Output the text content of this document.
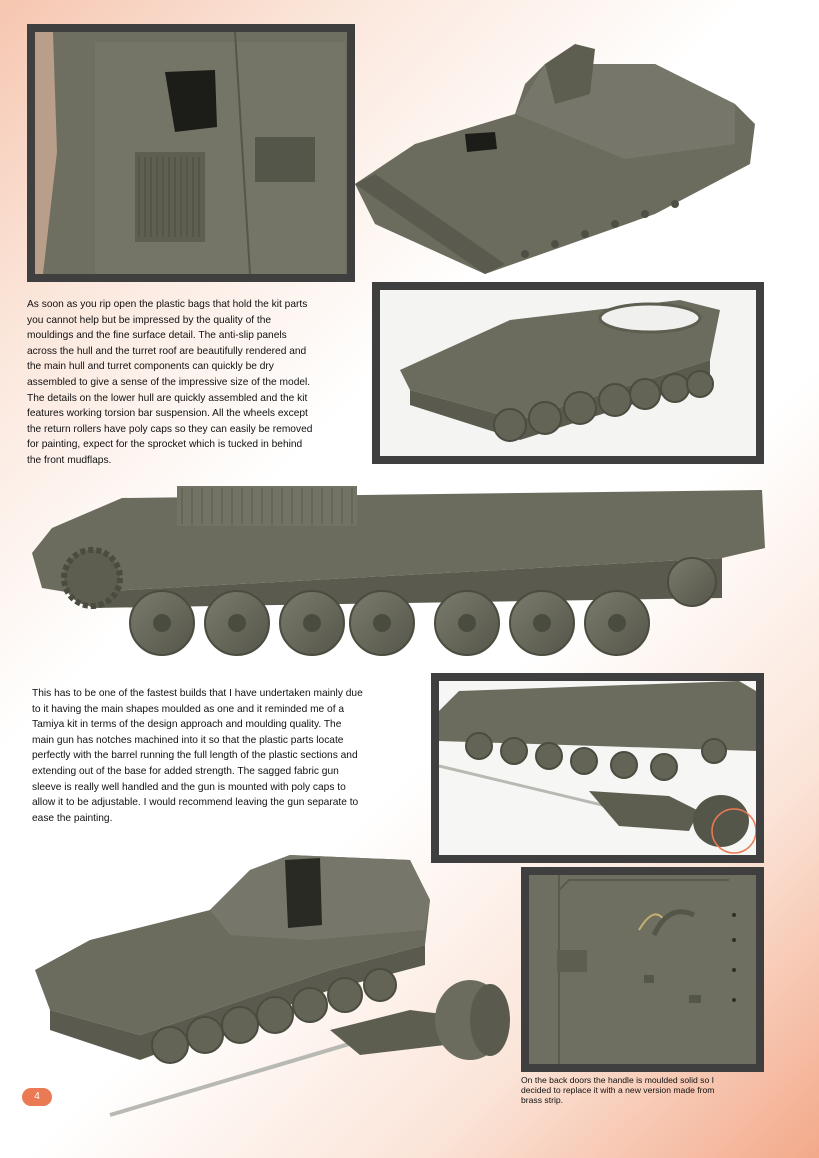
As soon as you rip open the plastic bags that hold the kit parts
you cannot help but be impressed by the quality of the
mouldings and the fine surface detail. The anti-slip panels
across the hull and the turret roof are beautifully rendered and
the main hull and turret components can quickly be dry
assembled to give a sense of the impressive size of the model.
The details on the lower hull are quickly assembled and the kit
features working torsion bar suspension. All the wheels except
the return rollers have poly caps so they can easily be removed
for painting, expect for the sprocket which is tucked in behind
the front mudflaps.

This has to be one of the fastest builds that I have undertaken mainly due
to it having the main shapes moulded as one and it reminded me of a
Tamiya kit in terms of the design approach and moulding quality. The
main gun has notches machined into it so that the plastic parts locate
perfectly with the barrel running the full length of the plastic sections and
extending out of the base for added strength. The sagged fabric gun
sleeve is really well handled and the gun is mounted with poly caps to
allow it to be adjustable. I would recommend leaving the gun separate to
ease the painting.

On the back doors the handle is moulded solid so I
decided to replace it with a new version made from
brass strip.

4
